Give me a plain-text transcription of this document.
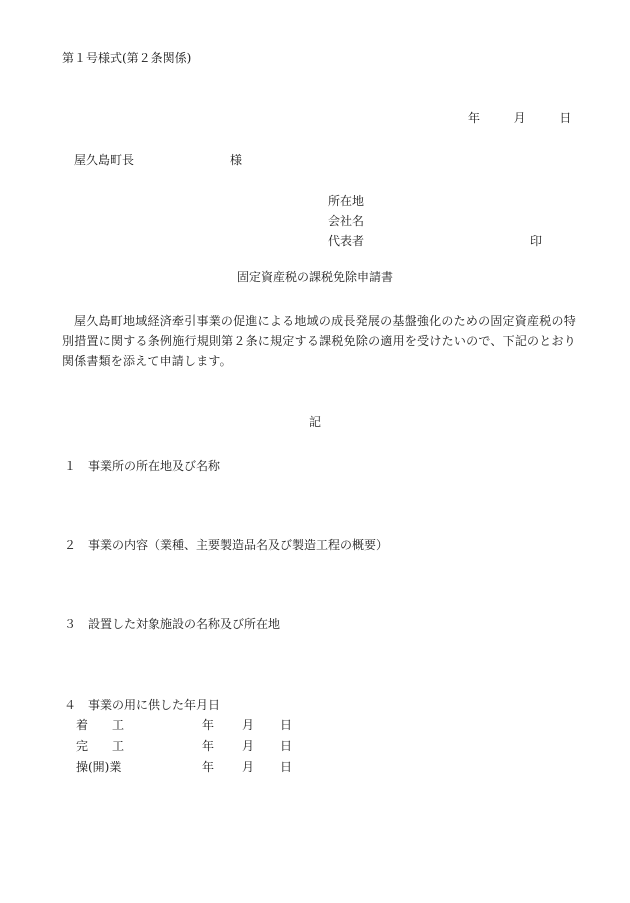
第１号様式(第２条関係)
年	月	日
屋久島町長	様
所在地
会社名
代表者	印
固定資産税の課税免除申請書
屋久島町地域経済牽引事業の促進による地域の成長発展の基盤強化のための固定資産税の特別措置に関する条例施行規則第２条に規定する課税免除の適用を受けたいので、下記のとおり関係書類を添えて申請します。
記
１ 事業所の所在地及び名称
２ 事業の内容（業種、主要製造品名及び製造工程の概要）
３ 設置した対象施設の名称及び所在地
４ 事業の用に供した年月日
着　　工	年 月 日
完　　工	年 月 日
操(開)業	年 月 日
